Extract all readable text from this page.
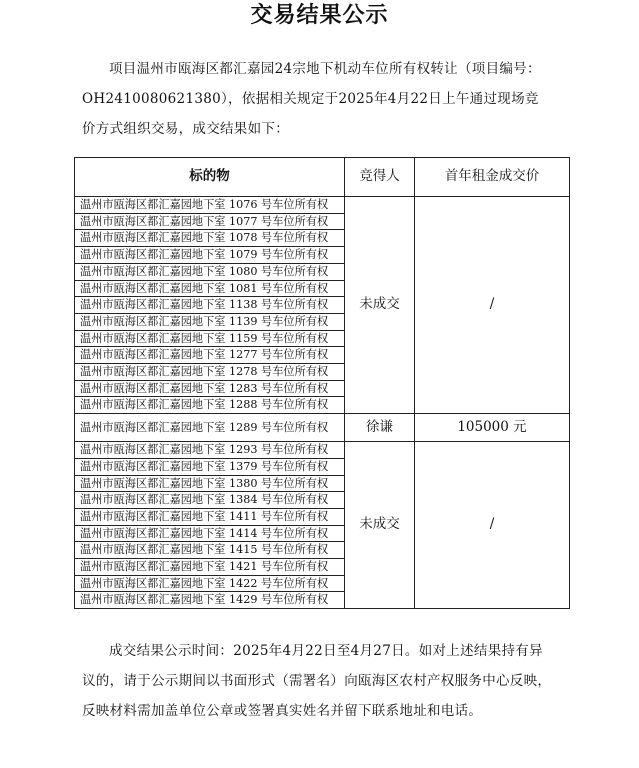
交易结果公示
项目温州市瓯海区都汇嘉园24宗地下机动车位所有权转让（项目编号：OH2410080621380），依据相关规定于2025年4月22日上午通过现场竞价方式组织交易，成交结果如下：
标的物	竞得人	首年租金成交价
温州市瓯海区都汇嘉园地下室 1076 号车位所有权	未成交	/
温州市瓯海区都汇嘉园地下室 1077 号车位所有权		
温州市瓯海区都汇嘉园地下室 1078 号车位所有权		
温州市瓯海区都汇嘉园地下室 1079 号车位所有权		
温州市瓯海区都汇嘉园地下室 1080 号车位所有权		
温州市瓯海区都汇嘉园地下室 1081 号车位所有权		
温州市瓯海区都汇嘉园地下室 1138 号车位所有权		
温州市瓯海区都汇嘉园地下室 1139 号车位所有权		
温州市瓯海区都汇嘉园地下室 1159 号车位所有权		
温州市瓯海区都汇嘉园地下室 1277 号车位所有权		
温州市瓯海区都汇嘉园地下室 1278 号车位所有权		
温州市瓯海区都汇嘉园地下室 1283 号车位所有权		
温州市瓯海区都汇嘉园地下室 1288 号车位所有权		
温州市瓯海区都汇嘉园地下室 1289 号车位所有权	徐谦	105000 元
温州市瓯海区都汇嘉园地下室 1293 号车位所有权	未成交	/
温州市瓯海区都汇嘉园地下室 1379 号车位所有权		
温州市瓯海区都汇嘉园地下室 1380 号车位所有权		
温州市瓯海区都汇嘉园地下室 1384 号车位所有权		
温州市瓯海区都汇嘉园地下室 1411 号车位所有权		
温州市瓯海区都汇嘉园地下室 1414 号车位所有权		
温州市瓯海区都汇嘉园地下室 1415 号车位所有权		
温州市瓯海区都汇嘉园地下室 1421 号车位所有权		
温州市瓯海区都汇嘉园地下室 1422 号车位所有权		
温州市瓯海区都汇嘉园地下室 1429 号车位所有权		
成交结果公示时间：2025年4月22日至4月27日。如对上述结果持有异议的，请于公示期间以书面形式（需署名）向瓯海区农村产权服务中心反映，反映材料需加盖单位公章或签署真实姓名并留下联系地址和电话。
